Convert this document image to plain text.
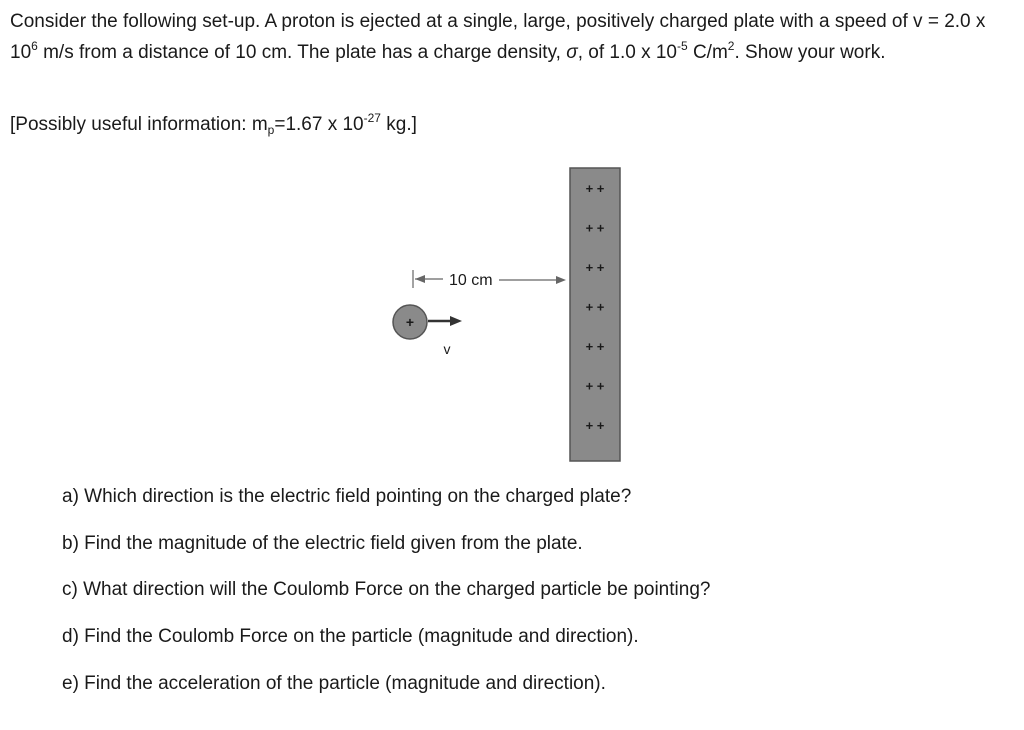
Consider the following set-up. A proton is ejected at a single, large, positively charged plate with a speed of v = 2.0 x $10^6$ m/s from a distance of 10 cm. The plate has a charge density, σ, of 1.0 x $10^{-5}$ $C/m^2$. Show your work.

[Possibly useful information: $m_p=1.67$ x $10^{-27}$ kg.]

+ +
+ +
+ +
+ +
+ +
+ +
+ +
10 cm
+
v
a) Which direction is the electric field pointing on the charged plate?
b) Find the magnitude of the electric field given from the plate.
c) What direction will the Coulomb Force on the charged particle be pointing?
d) Find the Coulomb Force on the particle (magnitude and direction).
e) Find the acceleration of the particle (magnitude and direction).
